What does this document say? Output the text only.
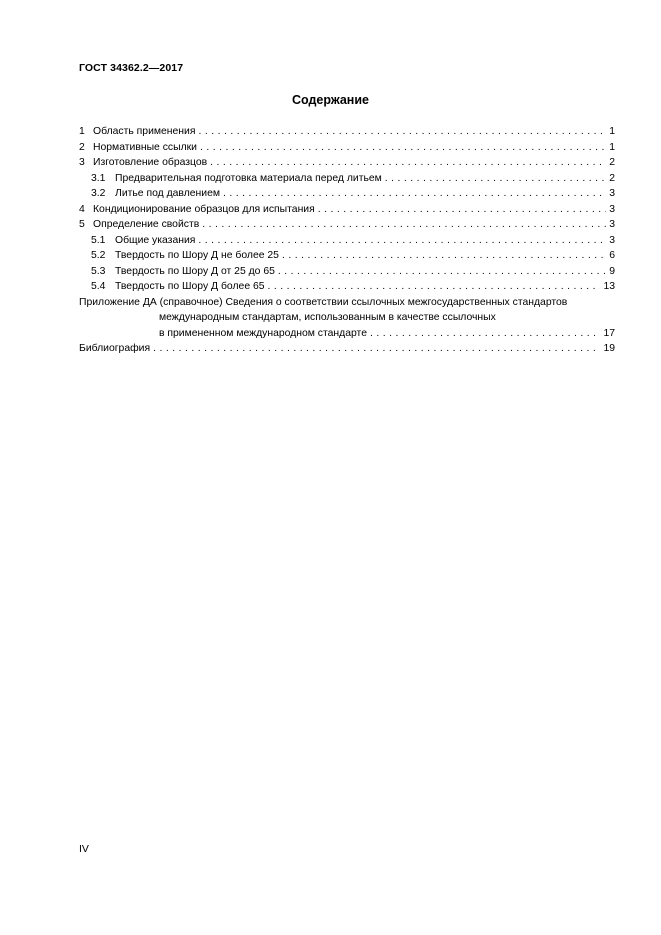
ГОСТ 34362.2—2017
Содержание
1 Область применения . . .	1
2 Нормативные ссылки . . .	1
3 Изготовление образцов . . .	2
3.1 Предварительная подготовка материала перед литьем . . .	2
3.2 Литье под давлением . . .	3
4 Кондиционирование образцов для испытания . . .	3
5 Определение свойств . . .	3
5.1 Общие указания . . .	3
5.2 Твердость по Шору Д не более 25 . . .	6
5.3 Твердость по Шору Д от 25 до 65 . . .	9
5.4 Твердость по Шору Д более 65 . . .	13
Приложение ДА (справочное) Сведения о соответствии ссылочных межгосударственных стандартов
международным стандартам, использованным в качестве ссылочных
в примененном международном стандарте . . .	17
Библиография . . .	19
IV
